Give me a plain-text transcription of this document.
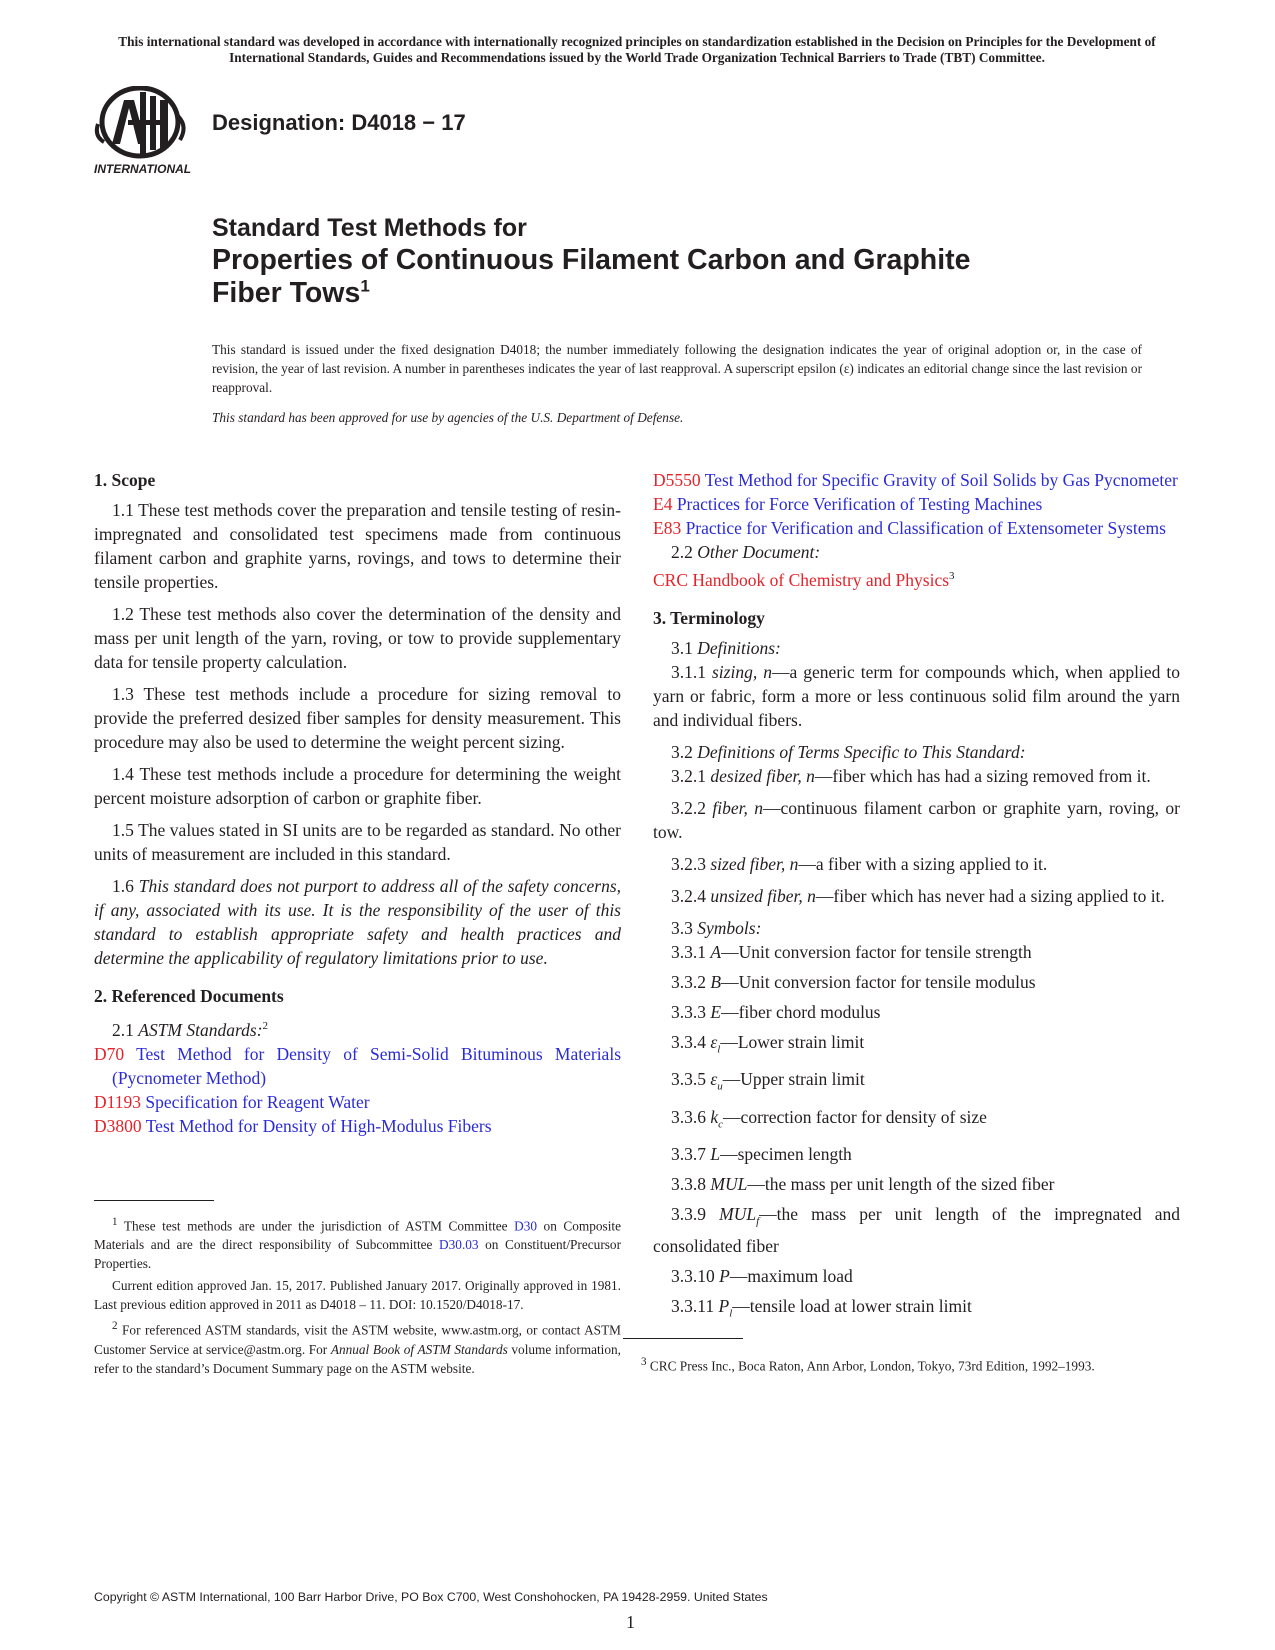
This international standard was developed in accordance with internationally recognized principles on standardization established in the Decision on Principles for the Development of International Standards, Guides and Recommendations issued by the World Trade Organization Technical Barriers to Trade (TBT) Committee.
INTERNATIONAL
Designation: D4018 − 17
Standard Test Methods for
Properties of Continuous Filament Carbon and Graphite
Fiber Tows$^1$
This standard is issued under the fixed designation D4018; the number immediately following the designation indicates the year of original adoption or, in the case of revision, the year of last revision. A number in parentheses indicates the year of last reapproval. A superscript epsilon (ε) indicates an editorial change since the last revision or reapproval.
This standard has been approved for use by agencies of the U.S. Department of Defense.

1. Scope

1.1 These test methods cover the preparation and tensile testing of resin-impregnated and consolidated test specimens made from continuous filament carbon and graphite yarns, rovings, and tows to determine their tensile properties.

1.2 These test methods also cover the determination of the density and mass per unit length of the yarn, roving, or tow to provide supplementary data for tensile property calculation.

1.3 These test methods include a procedure for sizing removal to provide the preferred desized fiber samples for density measurement. This procedure may also be used to determine the weight percent sizing.

1.4 These test methods include a procedure for determining the weight percent moisture adsorption of carbon or graphite fiber.

1.5 The values stated in SI units are to be regarded as standard. No other units of measurement are included in this standard.

1.6 This standard does not purport to address all of the safety concerns, if any, associated with its use. It is the responsibility of the user of this standard to establish appropriate safety and health practices and determine the applicability of regulatory limitations prior to use.

2. Referenced Documents

2.1 ASTM Standards:$^2$

D70 Test Method for Density of Semi-Solid Bituminous Materials (Pycnometer Method)

D1193 Specification for Reagent Water

D3800 Test Method for Density of High-Modulus Fibers

$^1$ These test methods are under the jurisdiction of ASTM Committee D30 on Composite Materials and are the direct responsibility of Subcommittee D30.03 on Constituent/Precursor Properties.

Current edition approved Jan. 15, 2017. Published January 2017. Originally approved in 1981. Last previous edition approved in 2011 as D4018 – 11. DOI: 10.1520/D4018-17.

$^2$ For referenced ASTM standards, visit the ASTM website, www.astm.org, or contact ASTM Customer Service at service@astm.org. For Annual Book of ASTM Standards volume information, refer to the standard’s Document Summary page on the ASTM website.

D5550 Test Method for Specific Gravity of Soil Solids by Gas Pycnometer

E4 Practices for Force Verification of Testing Machines

E83 Practice for Verification and Classification of Extensometer Systems

2.2 Other Document:

CRC Handbook of Chemistry and Physics$^3$

3. Terminology

3.1 Definitions:

3.1.1 sizing, n—a generic term for compounds which, when applied to yarn or fabric, form a more or less continuous solid film around the yarn and individual fibers.

3.2 Definitions of Terms Specific to This Standard:

3.2.1 desized fiber, n—fiber which has had a sizing removed from it.

3.2.2 fiber, n—continuous filament carbon or graphite yarn, roving, or tow.

3.2.3 sized fiber, n—a fiber with a sizing applied to it.

3.2.4 unsized fiber, n—fiber which has never had a sizing applied to it.

3.3 Symbols:

3.3.1 A—Unit conversion factor for tensile strength

3.3.2 B—Unit conversion factor for tensile modulus

3.3.3 E—fiber chord modulus

3.3.4 $\varepsilon_l—Lower$ strain limit

3.3.5 $\varepsilon_u—Upper$ strain limit

3.3.6 $k_c—correction$ factor for density of size

3.3.7 L—specimen length

3.3.8 MUL—the mass per unit length of the sized fiber

3.3.9 $MUL_f—the$ mass per unit length of the impregnated and consolidated fiber

3.3.10 P—maximum load

3.3.11 $P_l—tensile$ load at lower strain limit

$^3$ CRC Press Inc., Boca Raton, Ann Arbor, London, Tokyo, 73rd Edition, 1992–1993.

Copyright © ASTM International, 100 Barr Harbor Drive, PO Box C700, West Conshohocken, PA 19428-2959. United States
1
